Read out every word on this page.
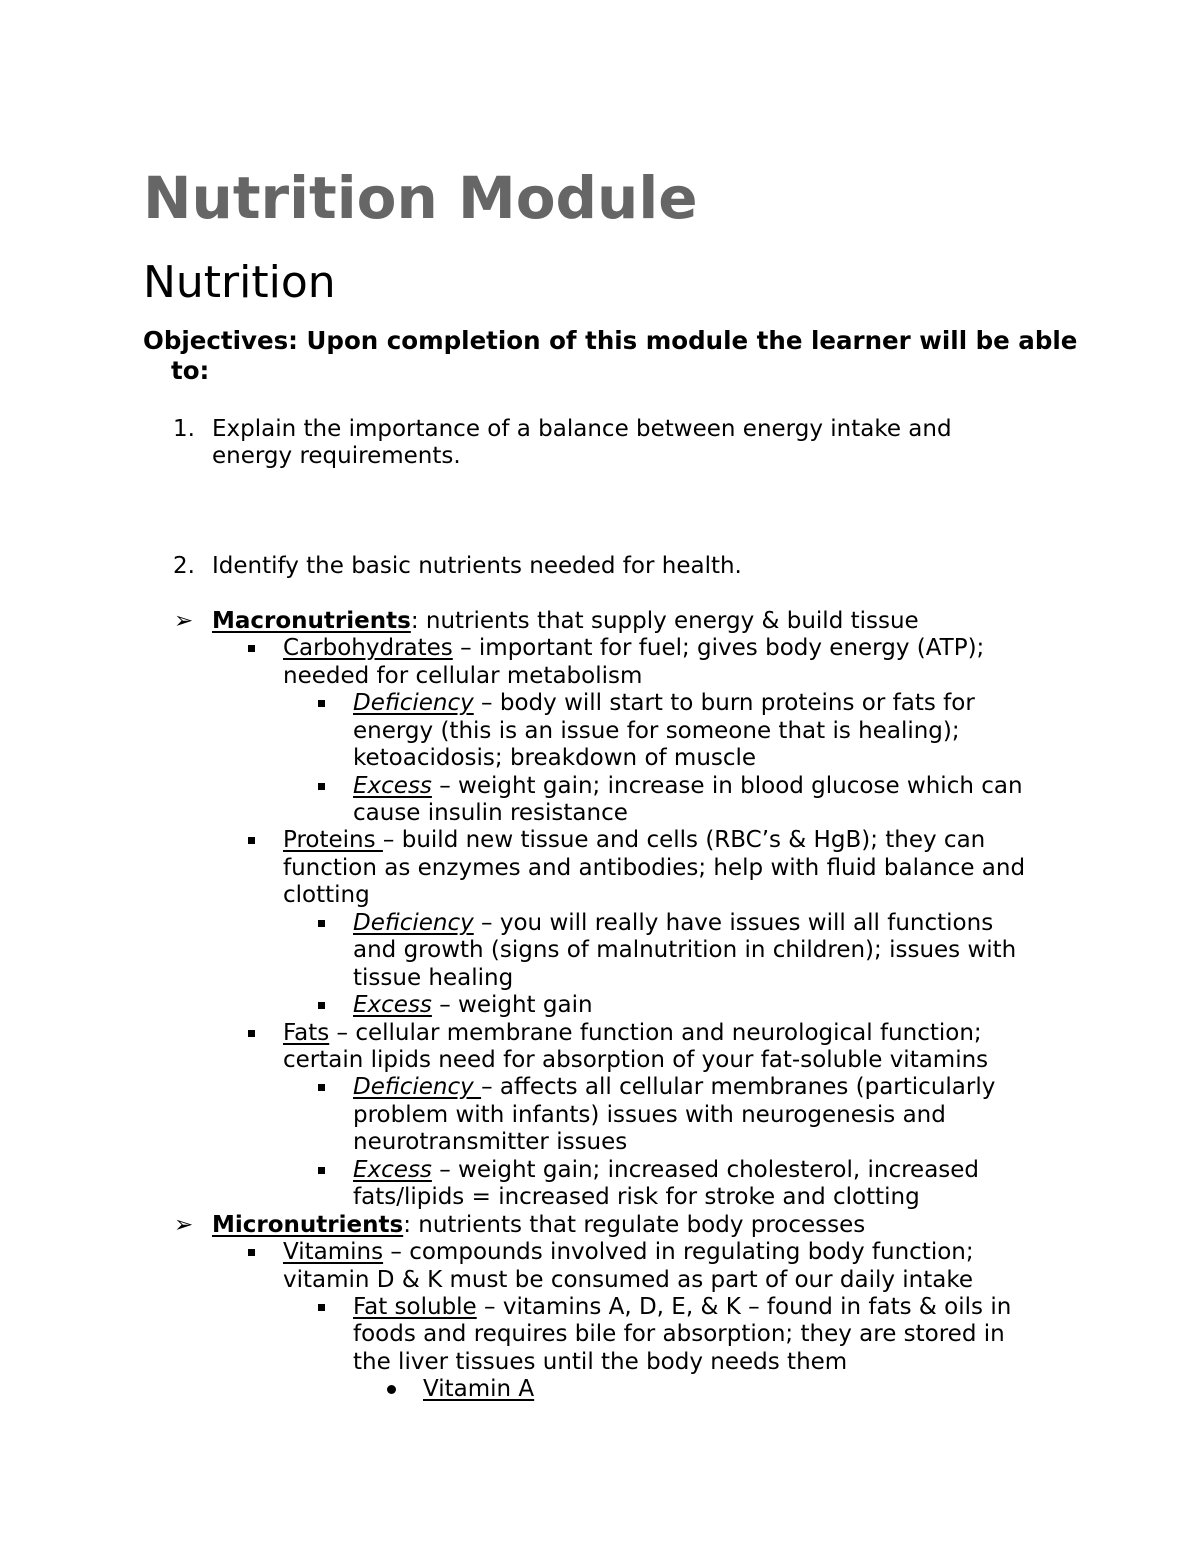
Nutrition Module
Nutrition

Objectives: Upon completion of this module the learner will be able to:

1. Explain the importance of a balance between energy intake and
energy requirements.
2. Identify the basic nutrients needed for health.
➢ Macronutrients: nutrients that supply energy & build tissue
Carbohydrates – important for fuel; gives body energy (ATP);
needed for cellular metabolism
Deficiency – body will start to burn proteins or fats for
energy (this is an issue for someone that is healing);
ketoacidosis; breakdown of muscle
Excess – weight gain; increase in blood glucose which can
cause insulin resistance
Proteins – build new tissue and cells (RBC’s & HgB); they can
function as enzymes and antibodies; help with fluid balance and
clotting
Deficiency – you will really have issues will all functions
and growth (signs of malnutrition in children); issues with
tissue healing
Excess – weight gain
Fats – cellular membrane function and neurological function;
certain lipids need for absorption of your fat-soluble vitamins
Deficiency – affects all cellular membranes (particularly
problem with infants) issues with neurogenesis and
neurotransmitter issues
Excess – weight gain; increased cholesterol, increased
fats/lipids = increased risk for stroke and clotting
➢ Micronutrients: nutrients that regulate body processes
Vitamins – compounds involved in regulating body function;
vitamin D & K must be consumed as part of our daily intake
Fat soluble – vitamins A, D, E, & K – found in fats & oils in
foods and requires bile for absorption; they are stored in
the liver tissues until the body needs them
Vitamin A
